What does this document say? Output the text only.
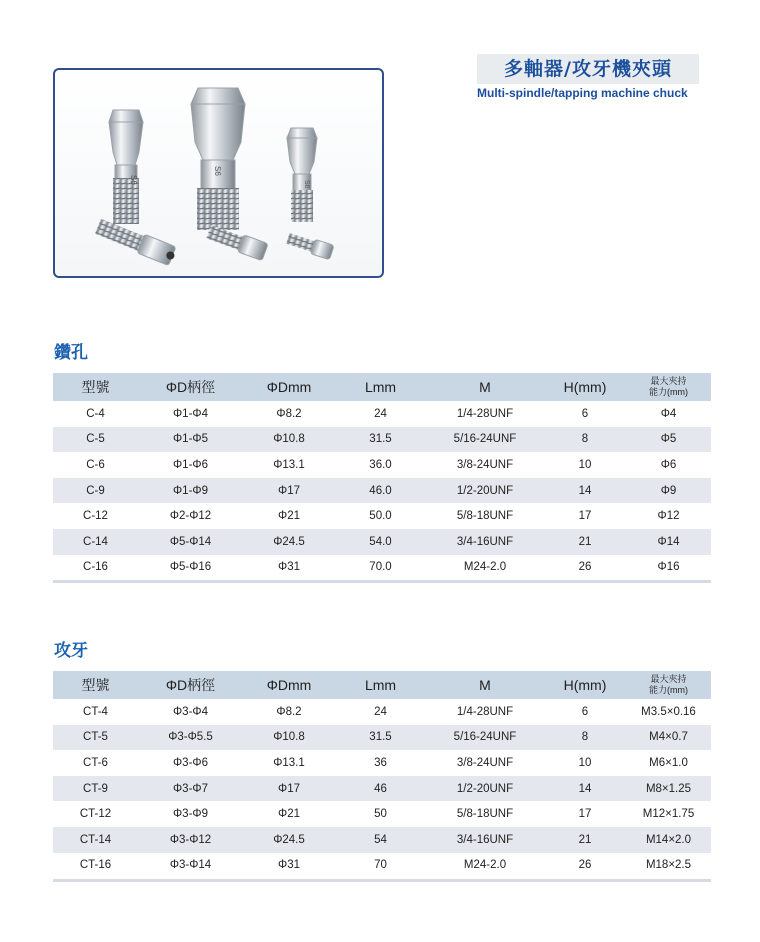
S6
S6
S6
多軸器/攻牙機夾頭
Multi-spindle/tapping machine chuck
鑽孔
型號	ΦD柄徑	ΦDmm	Lmm	M	H(mm)	最大夾持
能力(mm)
C-4	Φ1-Φ4	Φ8.2	24	1/4-28UNF	6	Φ4
C-5	Φ1-Φ5	Φ10.8	31.5	5/16-24UNF	8	Φ5
C-6	Φ1-Φ6	Φ13.1	36.0	3/8-24UNF	10	Φ6
C-9	Φ1-Φ9	Φ17	46.0	1/2-20UNF	14	Φ9
C-12	Φ2-Φ12	Φ21	50.0	5/8-18UNF	17	Φ12
C-14	Φ5-Φ14	Φ24.5	54.0	3/4-16UNF	21	Φ14
C-16	Φ5-Φ16	Φ31	70.0	M24-2.0	26	Φ16
攻牙
型號	ΦD柄徑	ΦDmm	Lmm	M	H(mm)	最大夾持
能力(mm)
CT-4	Φ3-Φ4	Φ8.2	24	1/4-28UNF	6	M3.5×0.16
CT-5	Φ3-Φ5.5	Φ10.8	31.5	5/16-24UNF	8	M4×0.7
CT-6	Φ3-Φ6	Φ13.1	36	3/8-24UNF	10	M6×1.0
CT-9	Φ3-Φ7	Φ17	46	1/2-20UNF	14	M8×1.25
CT-12	Φ3-Φ9	Φ21	50	5/8-18UNF	17	M12×1.75
CT-14	Φ3-Φ12	Φ24.5	54	3/4-16UNF	21	M14×2.0
CT-16	Φ3-Φ14	Φ31	70	M24-2.0	26	M18×2.5
